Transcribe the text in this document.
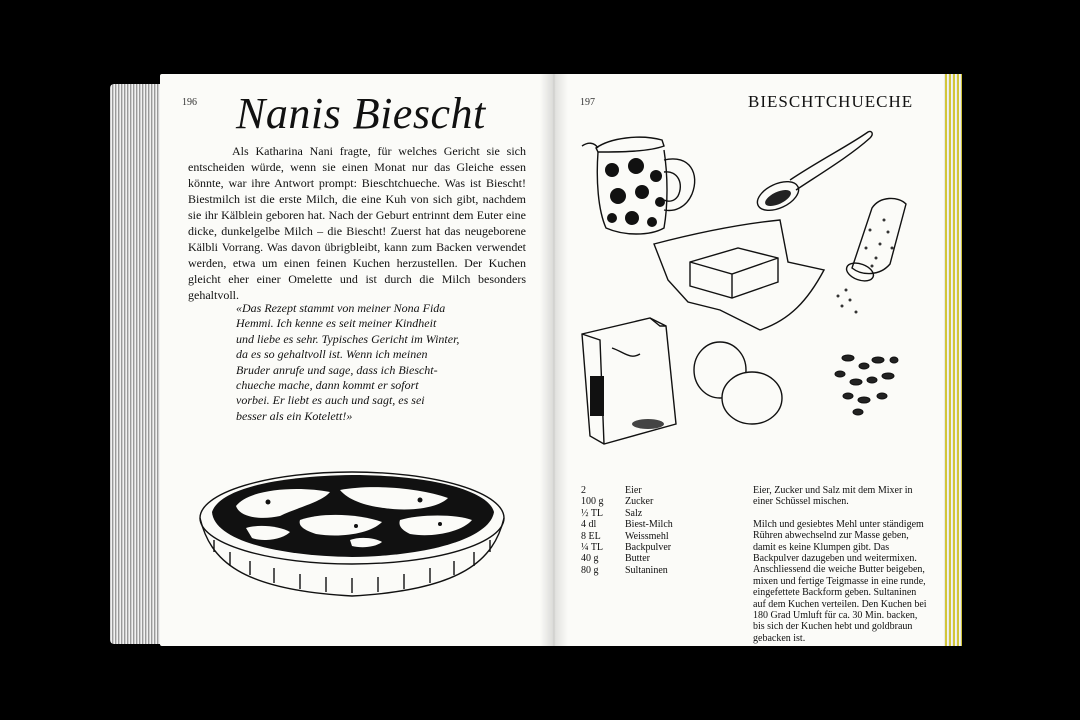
196 Nanis Biescht

Als Katharina Nani fragte, für welches Gericht sie sich entscheiden würde, wenn sie einen Monat nur das Gleiche essen könnte, war ihre Antwort prompt: Bieschtchueche. Was ist Bieschtǃ Biestmilch ist die erste Milch, die eine Kuh von sich gibt, nachdem sie ihr Kälblein geboren hat. Nach der Geburt entrinnt dem Euter eine dicke, dunkelgelbe Milch – die Bieschtǃ Zuerst hat das neugeborene Kälbli Vorrang. Was davon übrigbleibt, kann zum Backen verwendet werden, etwa um einen feinen Kuchen herzustellen. Der Kuchen gleicht eher einer Omelette und ist durch die Milch besonders gehaltvoll.

«Das Rezept stammt von meiner Nona Fida
Hemmi. Ich kenne es seit meiner Kindheit
und liebe es sehr. Typisches Gericht im Winter,
da es so gehaltvoll ist. Wenn ich meinen
Bruder anrufe und sage, dass ich Biescht-
chueche mache, dann kommt er sofort
vorbei. Er liebt es auch und sagt, es sei
besser als ein Kotelett!»

197	BIESCHTCHUECHE
2	Eier
100 g	Zucker
½ TL	Salz
4 dl	Biest-Milch
8 EL	Weissmehl
¼ TL	Backpulver
40 g	Butter
80 g	Sultaninen

Eier, Zucker und Salz mit dem Mixer in einer Schüssel mischen.

Milch und gesiebtes Mehl unter ständigem Rühren abwechselnd zur Masse geben, damit es keine Klumpen gibt. Das Backpulver dazugeben und weitermixen. Anschliessend die weiche Butter beigeben, mixen und fertige Teigmasse in eine runde, eingefettete Backform geben. Sultaninen auf dem Kuchen verteilen. Den Kuchen bei 180 Grad Umluft für ca. 30 Min. backen, bis sich der Kuchen hebt und goldbraun gebacken ist.
